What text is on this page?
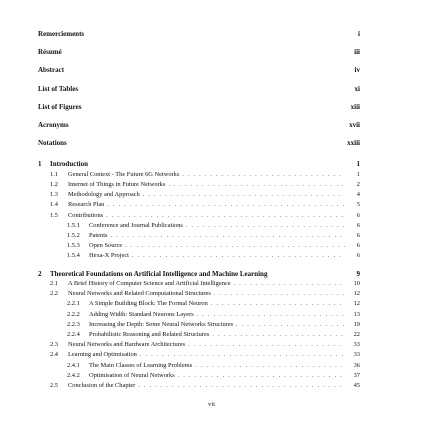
Remerciements	i
Résumé	iii
Abstract	iv
List of Tables	xi
List of Figures	xiii
Acronyms	xvii
Notations	xxiii
1	Introduction	1
1.1	General Context - The Future 6G Networks . . .	1
1.2	Internet of Things in Future Networks . . .	2
1.3	Methodology and Approach . . .	4
1.4	Research Plan . . .	5
1.5	Contributions . . .	6
1.5.1	Conference and Journal Publications . . .	6
1.5.2	Patents . . .	6
1.5.3	Open Source . . .	6
1.5.4	Hexa-X Project . . .	6
2	Theoretical Foundations on Artificial Intelligence and Machine Learning	9
2.1	A Brief History of Computer Science and Artificial Intelligence . . .	10
2.2	Neural Networks and Related Computational Structures . . .	12
2.2.1	A Simple Building Block: The Formal Neuron . . .	12
2.2.2	Adding Width: Standard Neurons Layers . . .	13
2.2.3	Increasing the Depth: Some Neural Networks Structures . . .	19
2.2.4	Probabilistic Reasoning and Related Structures . . .	22
2.3	Neural Networks and Hardware Architectures . . .	33
2.4	Learning and Optimisation . . .	33
2.4.1	The Main Classes of Learning Problems . . .	36
2.4.2	Optimisation of Neural Networks . . .	37
2.5	Conclusion of the Chapter . . .	45
vii
